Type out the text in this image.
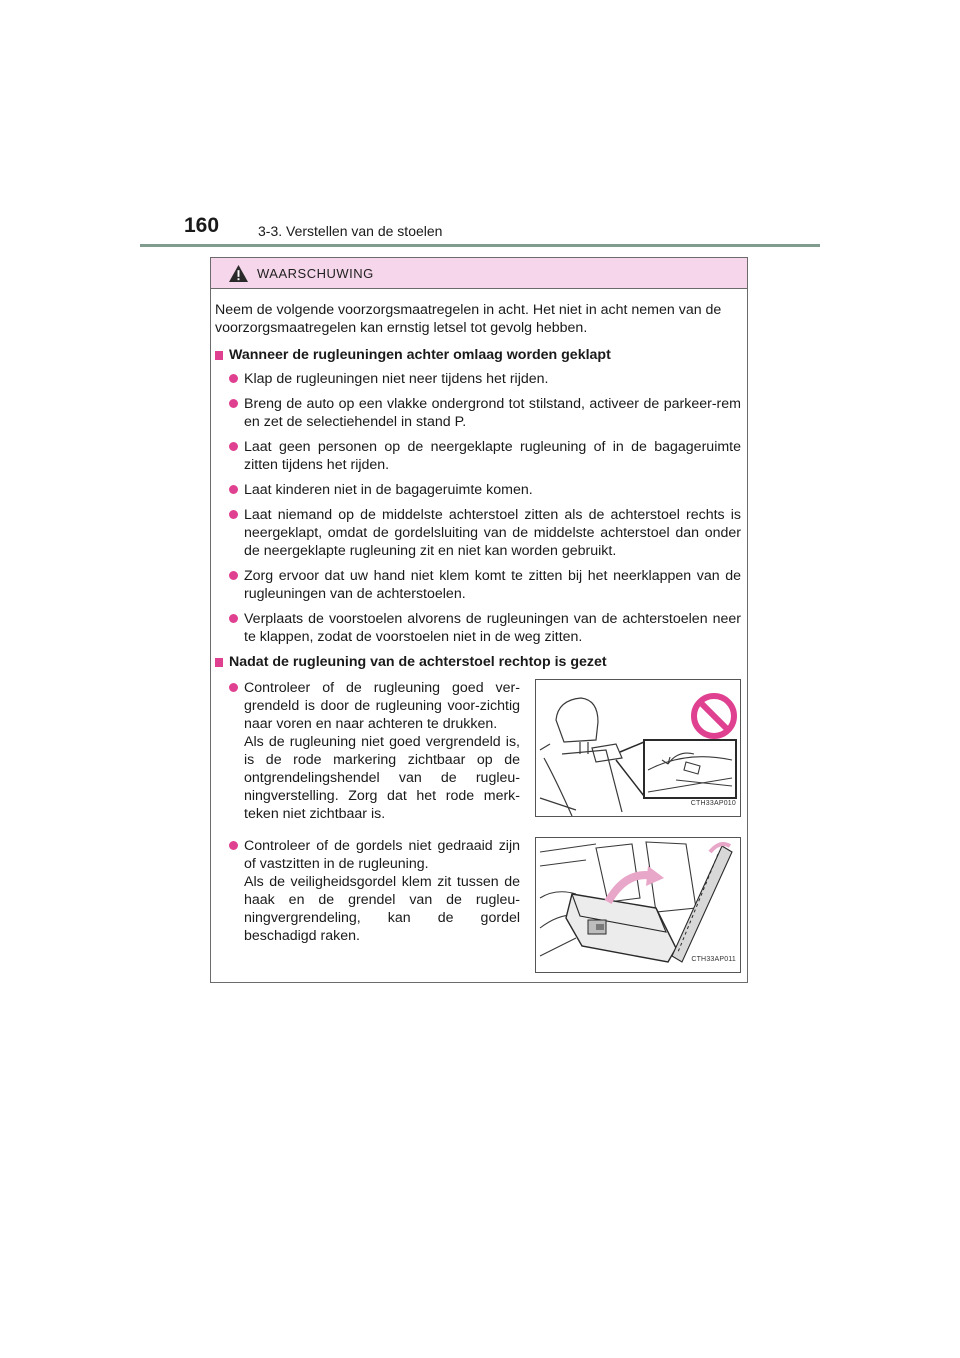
160	3-3. Verstellen van de stoelen
WAARSCHUWING

Neem de volgende voorzorgsmaatregelen in acht. Het niet in acht nemen van de voorzorgsmaatregelen kan ernstig letsel tot gevolg hebben.

Wanneer de rugleuningen achter omlaag worden geklapt
Klap de rugleuningen niet neer tijdens het rijden.
Breng de auto op een vlakke ondergrond tot stilstand, activeer de parkeer-rem en zet de selectiehendel in stand P.
Laat geen personen op de neergeklapte rugleuning of in de bagageruimte zitten tijdens het rijden.
Laat kinderen niet in de bagageruimte komen.
Laat niemand op de middelste achterstoel zitten als de achterstoel rechts is neergeklapt, omdat de gordelsluiting van de middelste achterstoel dan onder de neergeklapte rugleuning zit en niet kan worden gebruikt.
Zorg ervoor dat uw hand niet klem komt te zitten bij het neerklappen van de rugleuningen van de achterstoelen.
Verplaats de voorstoelen alvorens de rugleuningen van de achterstoelen neer te klappen, zodat de voorstoelen niet in de weg zitten.
Nadat de rugleuning van de achterstoel rechtop is gezet
Controleer of de rugleuning goed ver-grendeld is door de rugleuning voor-zichtig naar voren en naar achteren te drukken.
Als de rugleuning niet goed vergrendeld is, is de rode markering zichtbaar op de ontgrendelingshendel van de rugleu-ningverstelling. Zorg dat het rode merk-teken niet zichtbaar is.
CTH33AP010
Controleer of de gordels niet gedraaid zijn of vastzitten in de rugleuning.
Als de veiligheidsgordel klem zit tussen de haak en de grendel van de rugleu-ningvergrendeling, kan de gordel beschadigd raken.
CTH33AP011
